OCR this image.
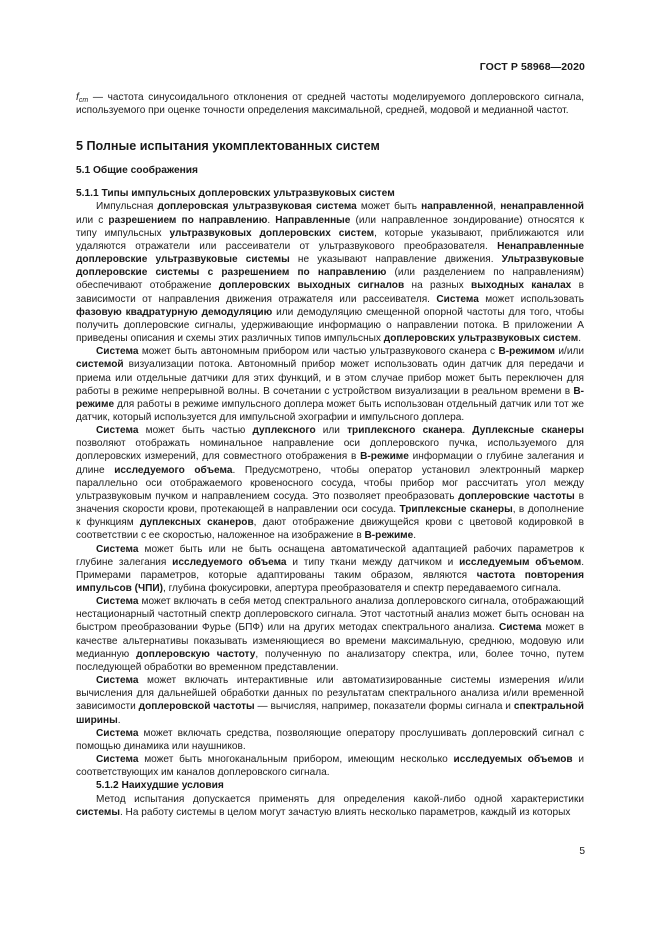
ГОСТ Р 58968—2020

$f_{cm}$ — частота синусоидального отклонения от средней частоты моделируемого доплеровского сигнала, используемого при оценке точности определения максимальной, средней, модовой и медианной частот.

5 Полные испытания укомплектованных систем
5.1 Общие соображения
5.1.1 Типы импульсных доплеровских ультразвуковых систем

Импульсная доплеровская ультразвуковая система может быть направленной, ненаправленной или с разрешением по направлению. Направленные (или направленное зондирование) относятся к типу импульсных ультразвуковых доплеровских систем, которые указывают, приближаются или удаляются отражатели или рассеиватели от ультразвукового преобразователя. Ненаправленные доплеровские ультразвуковые системы не указывают направление движения. Ультразвуковые доплеровские системы с разрешением по направлению (или разделением по направлениям) обеспечивают отображение доплеровских выходных сигналов на разных выходных каналах в зависимости от направления движения отражателя или рассеивателя. Система может использовать фазовую квадратурную демодуляцию или демодуляцию смещенной опорной частоты для того, чтобы получить доплеровские сигналы, удерживающие информацию о направлении потока. В приложении А приведены описания и схемы этих различных типов импульсных доплеровских ультразвуковых систем.

Система может быть автономным прибором или частью ультразвукового сканера с В-режимом и/или системой визуализации потока. Автономный прибор может использовать один датчик для передачи и приема или отдельные датчики для этих функций, и в этом случае прибор может быть переключен для работы в режиме непрерывной волны. В сочетании с устройством визуализации в реальном времени в В-режиме для работы в режиме импульсного доплера может быть использован отдельный датчик или тот же датчик, который используется для импульсной эхографии и импульсного доплера.

Система может быть частью дуплексного или триплексного сканера. Дуплексные сканеры позволяют отображать номинальное направление оси доплеровского пучка, используемого для доплеровских измерений, для совместного отображения в В-режиме информации о глубине залегания и длине исследуемого объема. Предусмотрено, чтобы оператор установил электронный маркер параллельно оси отображаемого кровеносного сосуда, чтобы прибор мог рассчитать угол между ультразвуковым пучком и направлением сосуда. Это позволяет преобразовать доплеровские частоты в значения скорости крови, протекающей в направлении оси сосуда. Триплексные сканеры, в дополнение к функциям дуплексных сканеров, дают отображение движущейся крови с цветовой кодировкой в соответствии с ее скоростью, наложенное на изображение в В-режиме.

Система может быть или не быть оснащена автоматической адаптацией рабочих параметров к глубине залегания исследуемого объема и типу ткани между датчиком и исследуемым объемом. Примерами параметров, которые адаптированы таким образом, являются частота повторения импульсов (ЧПИ), глубина фокусировки, апертура преобразователя и спектр передаваемого сигнала.

Система может включать в себя метод спектрального анализа доплеровского сигнала, отображающий нестационарный частотный спектр доплеровского сигнала. Этот частотный анализ может быть основан на быстром преобразовании Фурье (БПФ) или на других методах спектрального анализа. Система может в качестве альтернативы показывать изменяющиеся во времени максимальную, среднюю, модовую или медианную доплеровскую частоту, полученную по анализатору спектра, или, более точно, путем последующей обработки во временном представлении.

Система может включать интерактивные или автоматизированные системы измерения и/или вычисления для дальнейшей обработки данных по результатам спектрального анализа и/или временной зависимости доплеровской частоты — вычисляя, например, показатели формы сигнала и спектральной ширины.

Система может включать средства, позволяющие оператору прослушивать доплеровский сигнал с помощью динамика или наушников.

Система может быть многоканальным прибором, имеющим несколько исследуемых объемов и соответствующих им каналов доплеровского сигнала.

5.1.2 Наихудшие условия

Метод испытания допускается применять для определения какой-либо одной характеристики системы. На работу системы в целом могут зачастую влиять несколько параметров, каждый из которых

5
